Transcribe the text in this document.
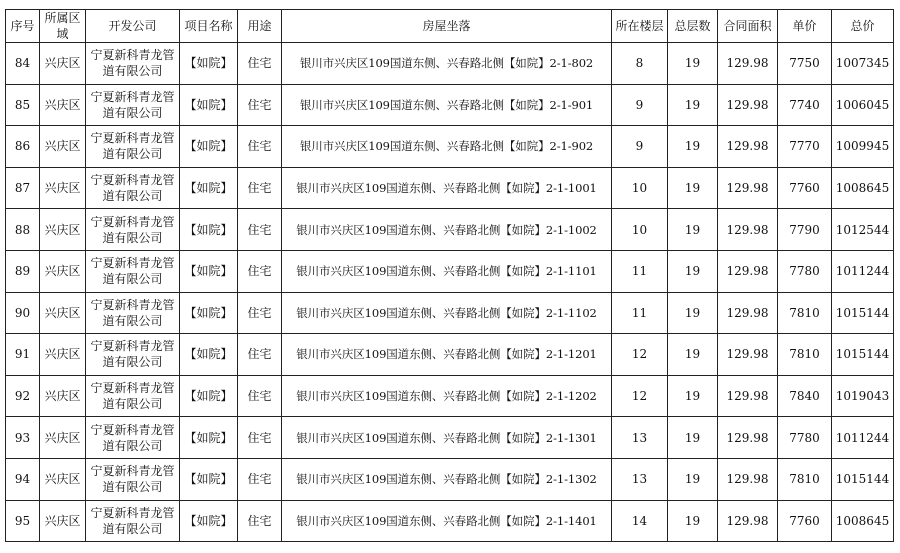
序号	所属区域	开发公司	项目名称	用途	房屋坐落	所在楼层	总层数	合同面积	单价	总价
84	兴庆区	宁夏新科青龙管道有限公司	【如院】	住宅	银川市兴庆区109国道东侧、兴春路北侧【如院】2-1-802	8	19	129.98	7750	1007345
85	兴庆区	宁夏新科青龙管道有限公司	【如院】	住宅	银川市兴庆区109国道东侧、兴春路北侧【如院】2-1-901	9	19	129.98	7740	1006045
86	兴庆区	宁夏新科青龙管道有限公司	【如院】	住宅	银川市兴庆区109国道东侧、兴春路北侧【如院】2-1-902	9	19	129.98	7770	1009945
87	兴庆区	宁夏新科青龙管道有限公司	【如院】	住宅	银川市兴庆区109国道东侧、兴春路北侧【如院】2-1-1001	10	19	129.98	7760	1008645
88	兴庆区	宁夏新科青龙管道有限公司	【如院】	住宅	银川市兴庆区109国道东侧、兴春路北侧【如院】2-1-1002	10	19	129.98	7790	1012544
89	兴庆区	宁夏新科青龙管道有限公司	【如院】	住宅	银川市兴庆区109国道东侧、兴春路北侧【如院】2-1-1101	11	19	129.98	7780	1011244
90	兴庆区	宁夏新科青龙管道有限公司	【如院】	住宅	银川市兴庆区109国道东侧、兴春路北侧【如院】2-1-1102	11	19	129.98	7810	1015144
91	兴庆区	宁夏新科青龙管道有限公司	【如院】	住宅	银川市兴庆区109国道东侧、兴春路北侧【如院】2-1-1201	12	19	129.98	7810	1015144
92	兴庆区	宁夏新科青龙管道有限公司	【如院】	住宅	银川市兴庆区109国道东侧、兴春路北侧【如院】2-1-1202	12	19	129.98	7840	1019043
93	兴庆区	宁夏新科青龙管道有限公司	【如院】	住宅	银川市兴庆区109国道东侧、兴春路北侧【如院】2-1-1301	13	19	129.98	7780	1011244
94	兴庆区	宁夏新科青龙管道有限公司	【如院】	住宅	银川市兴庆区109国道东侧、兴春路北侧【如院】2-1-1302	13	19	129.98	7810	1015144
95	兴庆区	宁夏新科青龙管道有限公司	【如院】	住宅	银川市兴庆区109国道东侧、兴春路北侧【如院】2-1-1401	14	19	129.98	7760	1008645
